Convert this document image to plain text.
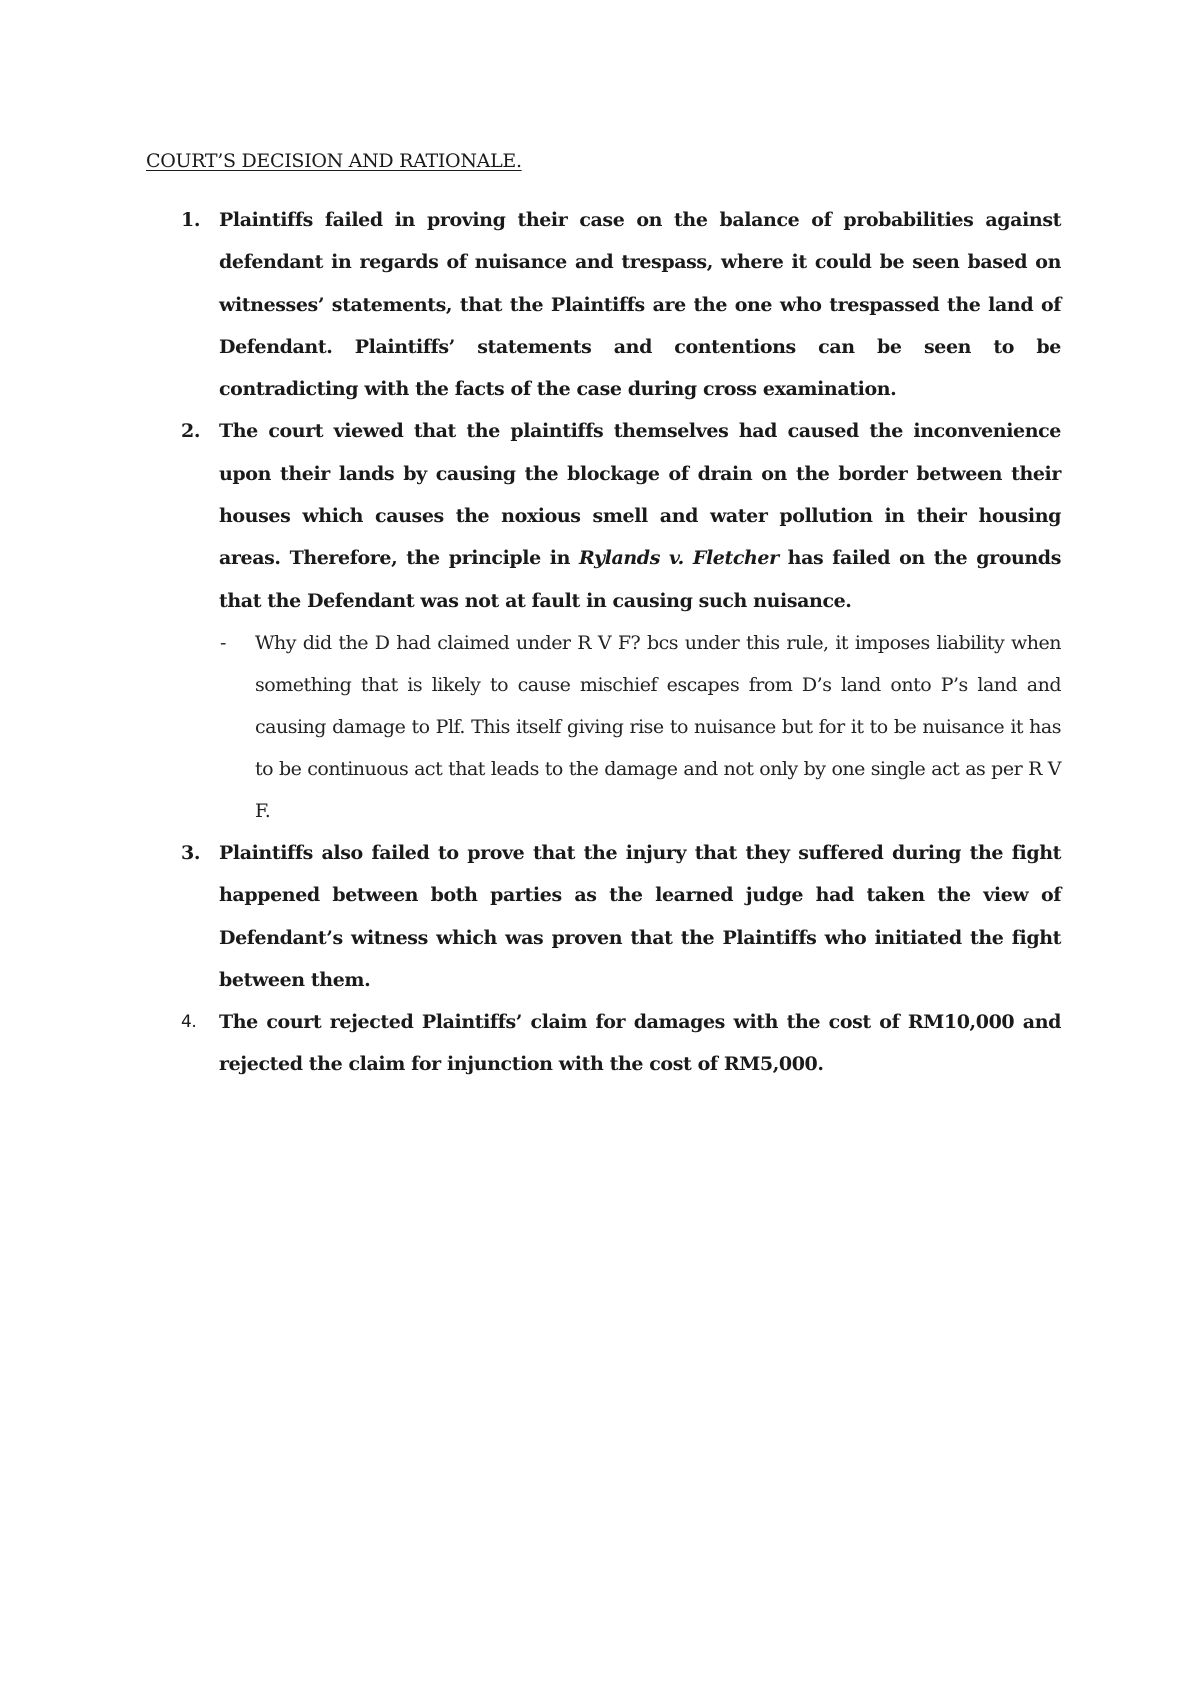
COURT’S DECISION AND RATIONALE.
1. Plaintiffs failed in proving their case on the balance of probabilities against defendant in regards of nuisance and trespass, where it could be seen based on witnesses’ statements, that the Plaintiffs are the one who trespassed the land of Defendant. Plaintiffs’ statements and contentions can be seen to be contradicting with the facts of the case during cross examination.
2. The court viewed that the plaintiffs themselves had caused the inconvenience upon their lands by causing the blockage of drain on the border between their houses which causes the noxious smell and water pollution in their housing areas. Therefore, the principle in Rylands v. Fletcher has failed on the grounds that the Defendant was not at fault in causing such nuisance.
- Why did the D had claimed under R V F? bcs under this rule, it imposes liability when something that is likely to cause mischief escapes from D’s land onto P’s land and causing damage to Plf. This itself giving rise to nuisance but for it to be nuisance it has to be continuous act that leads to the damage and not only by one single act as per R V F.
3. Plaintiffs also failed to prove that the injury that they suffered during the fight happened between both parties as the learned judge had taken the view of Defendant’s witness which was proven that the Plaintiffs who initiated the fight between them.
4. The court rejected Plaintiffs’ claim for damages with the cost of RM10,000 and rejected the claim for injunction with the cost of RM5,000.
